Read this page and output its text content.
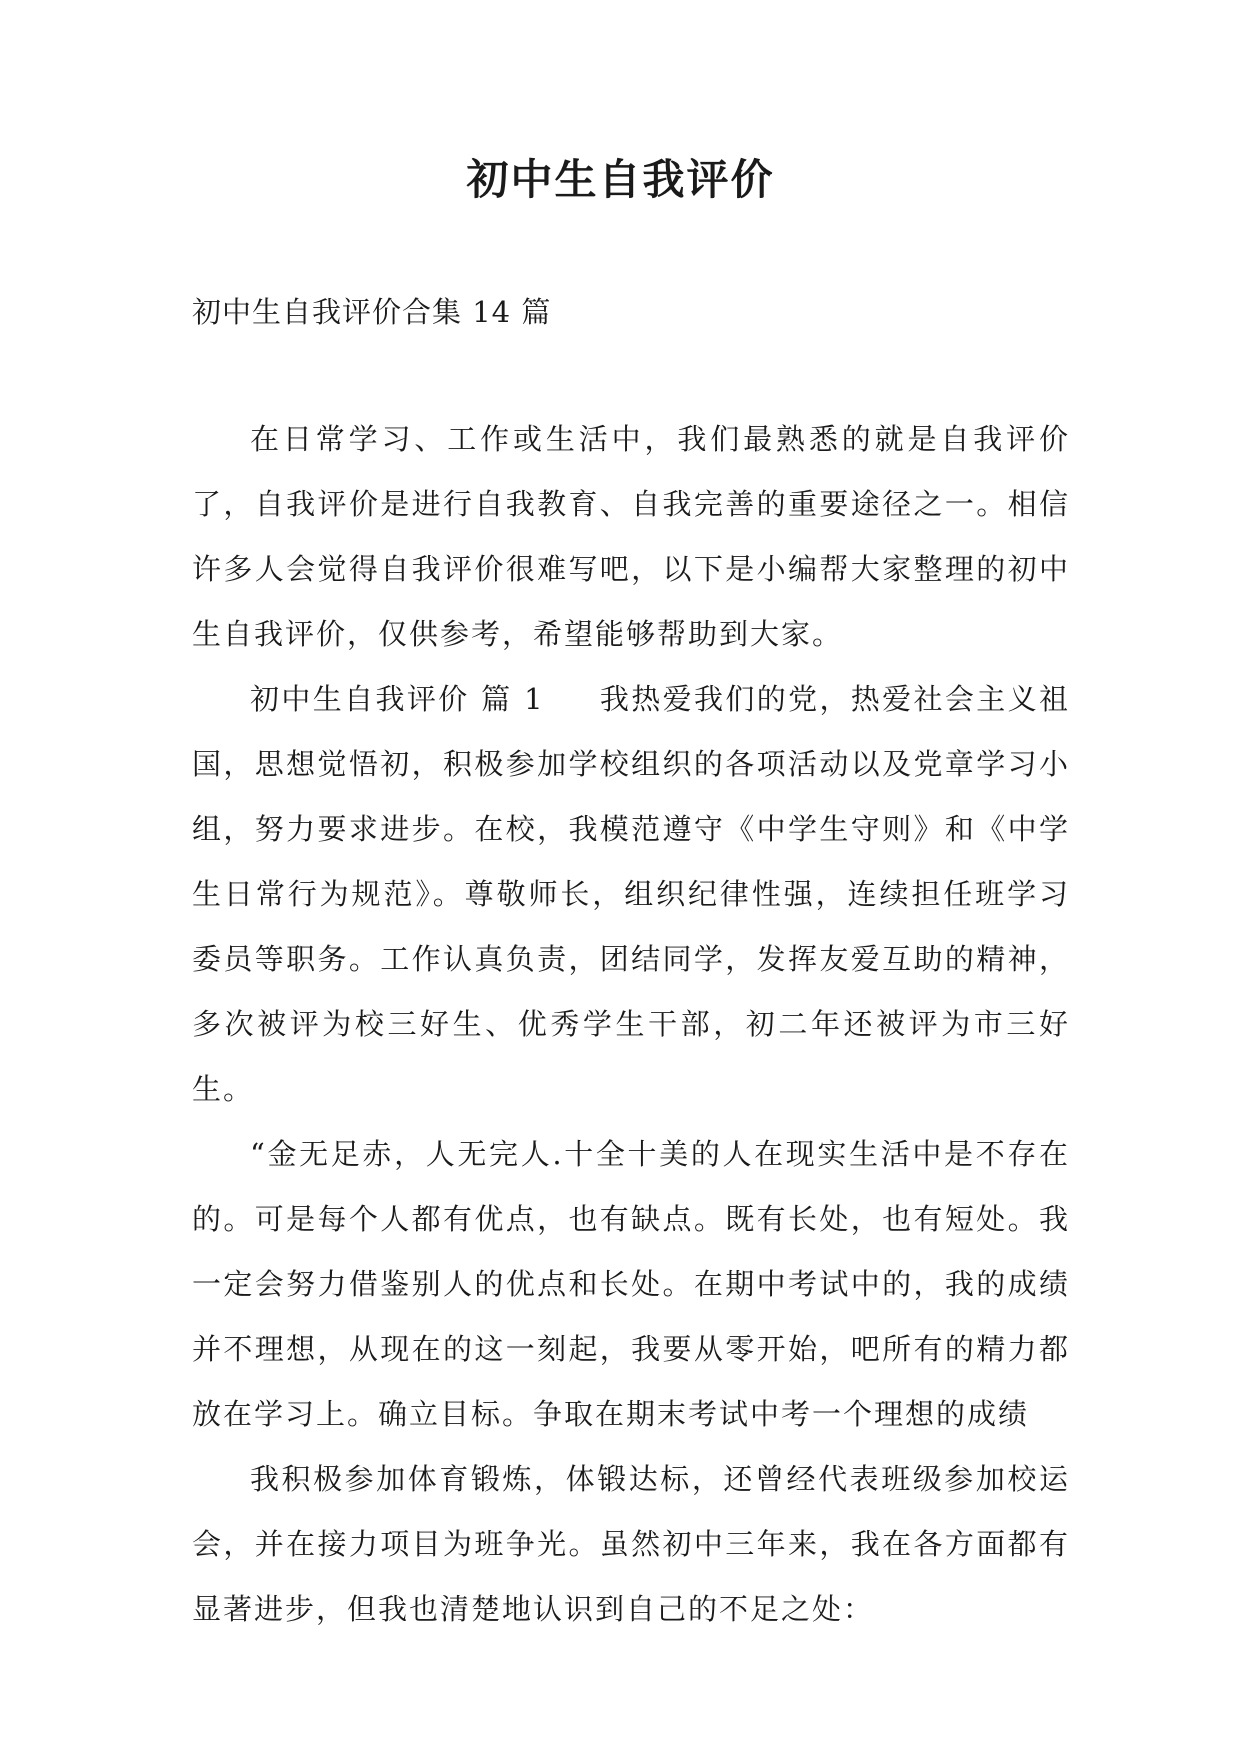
初中生自我评价
初中生自我评价合集 14 篇

在日常学习、工作或生活中，我们最熟悉的就是自我评价了，自我评价是进行自我教育、自我完善的重要途径之一。相信许多人会觉得自我评价很难写吧，以下是小编帮大家整理的初中生自我评价，仅供参考，希望能够帮助到大家。

初中生自我评价 篇 1 我热爱我们的党，热爱社会主义祖国，思想觉悟初，积极参加学校组织的各项活动以及党章学习小组，努力要求进步。在校，我模范遵守《中学生守则》和《中学生日常行为规范》。尊敬师长，组织纪律性强，连续担任班学习委员等职务。工作认真负责，团结同学，发挥友爱互助的精神，多次被评为校三好生、优秀学生干部，初二年还被评为市三好生。

“金无足赤，人无完人.十全十美的人在现实生活中是不存在的。可是每个人都有优点，也有缺点。既有长处，也有短处。我一定会努力借鉴别人的优点和长处。在期中考试中的，我的成绩并不理想，从现在的这一刻起，我要从零开始，吧所有的精力都放在学习上。确立目标。争取在期末考试中考一个理想的成绩

我积极参加体育锻炼，体锻达标，还曾经代表班级参加校运会，并在接力项目为班争光。虽然初中三年来，我在各方面都有显著进步，但我也清楚地认识到自己的不足之处：
